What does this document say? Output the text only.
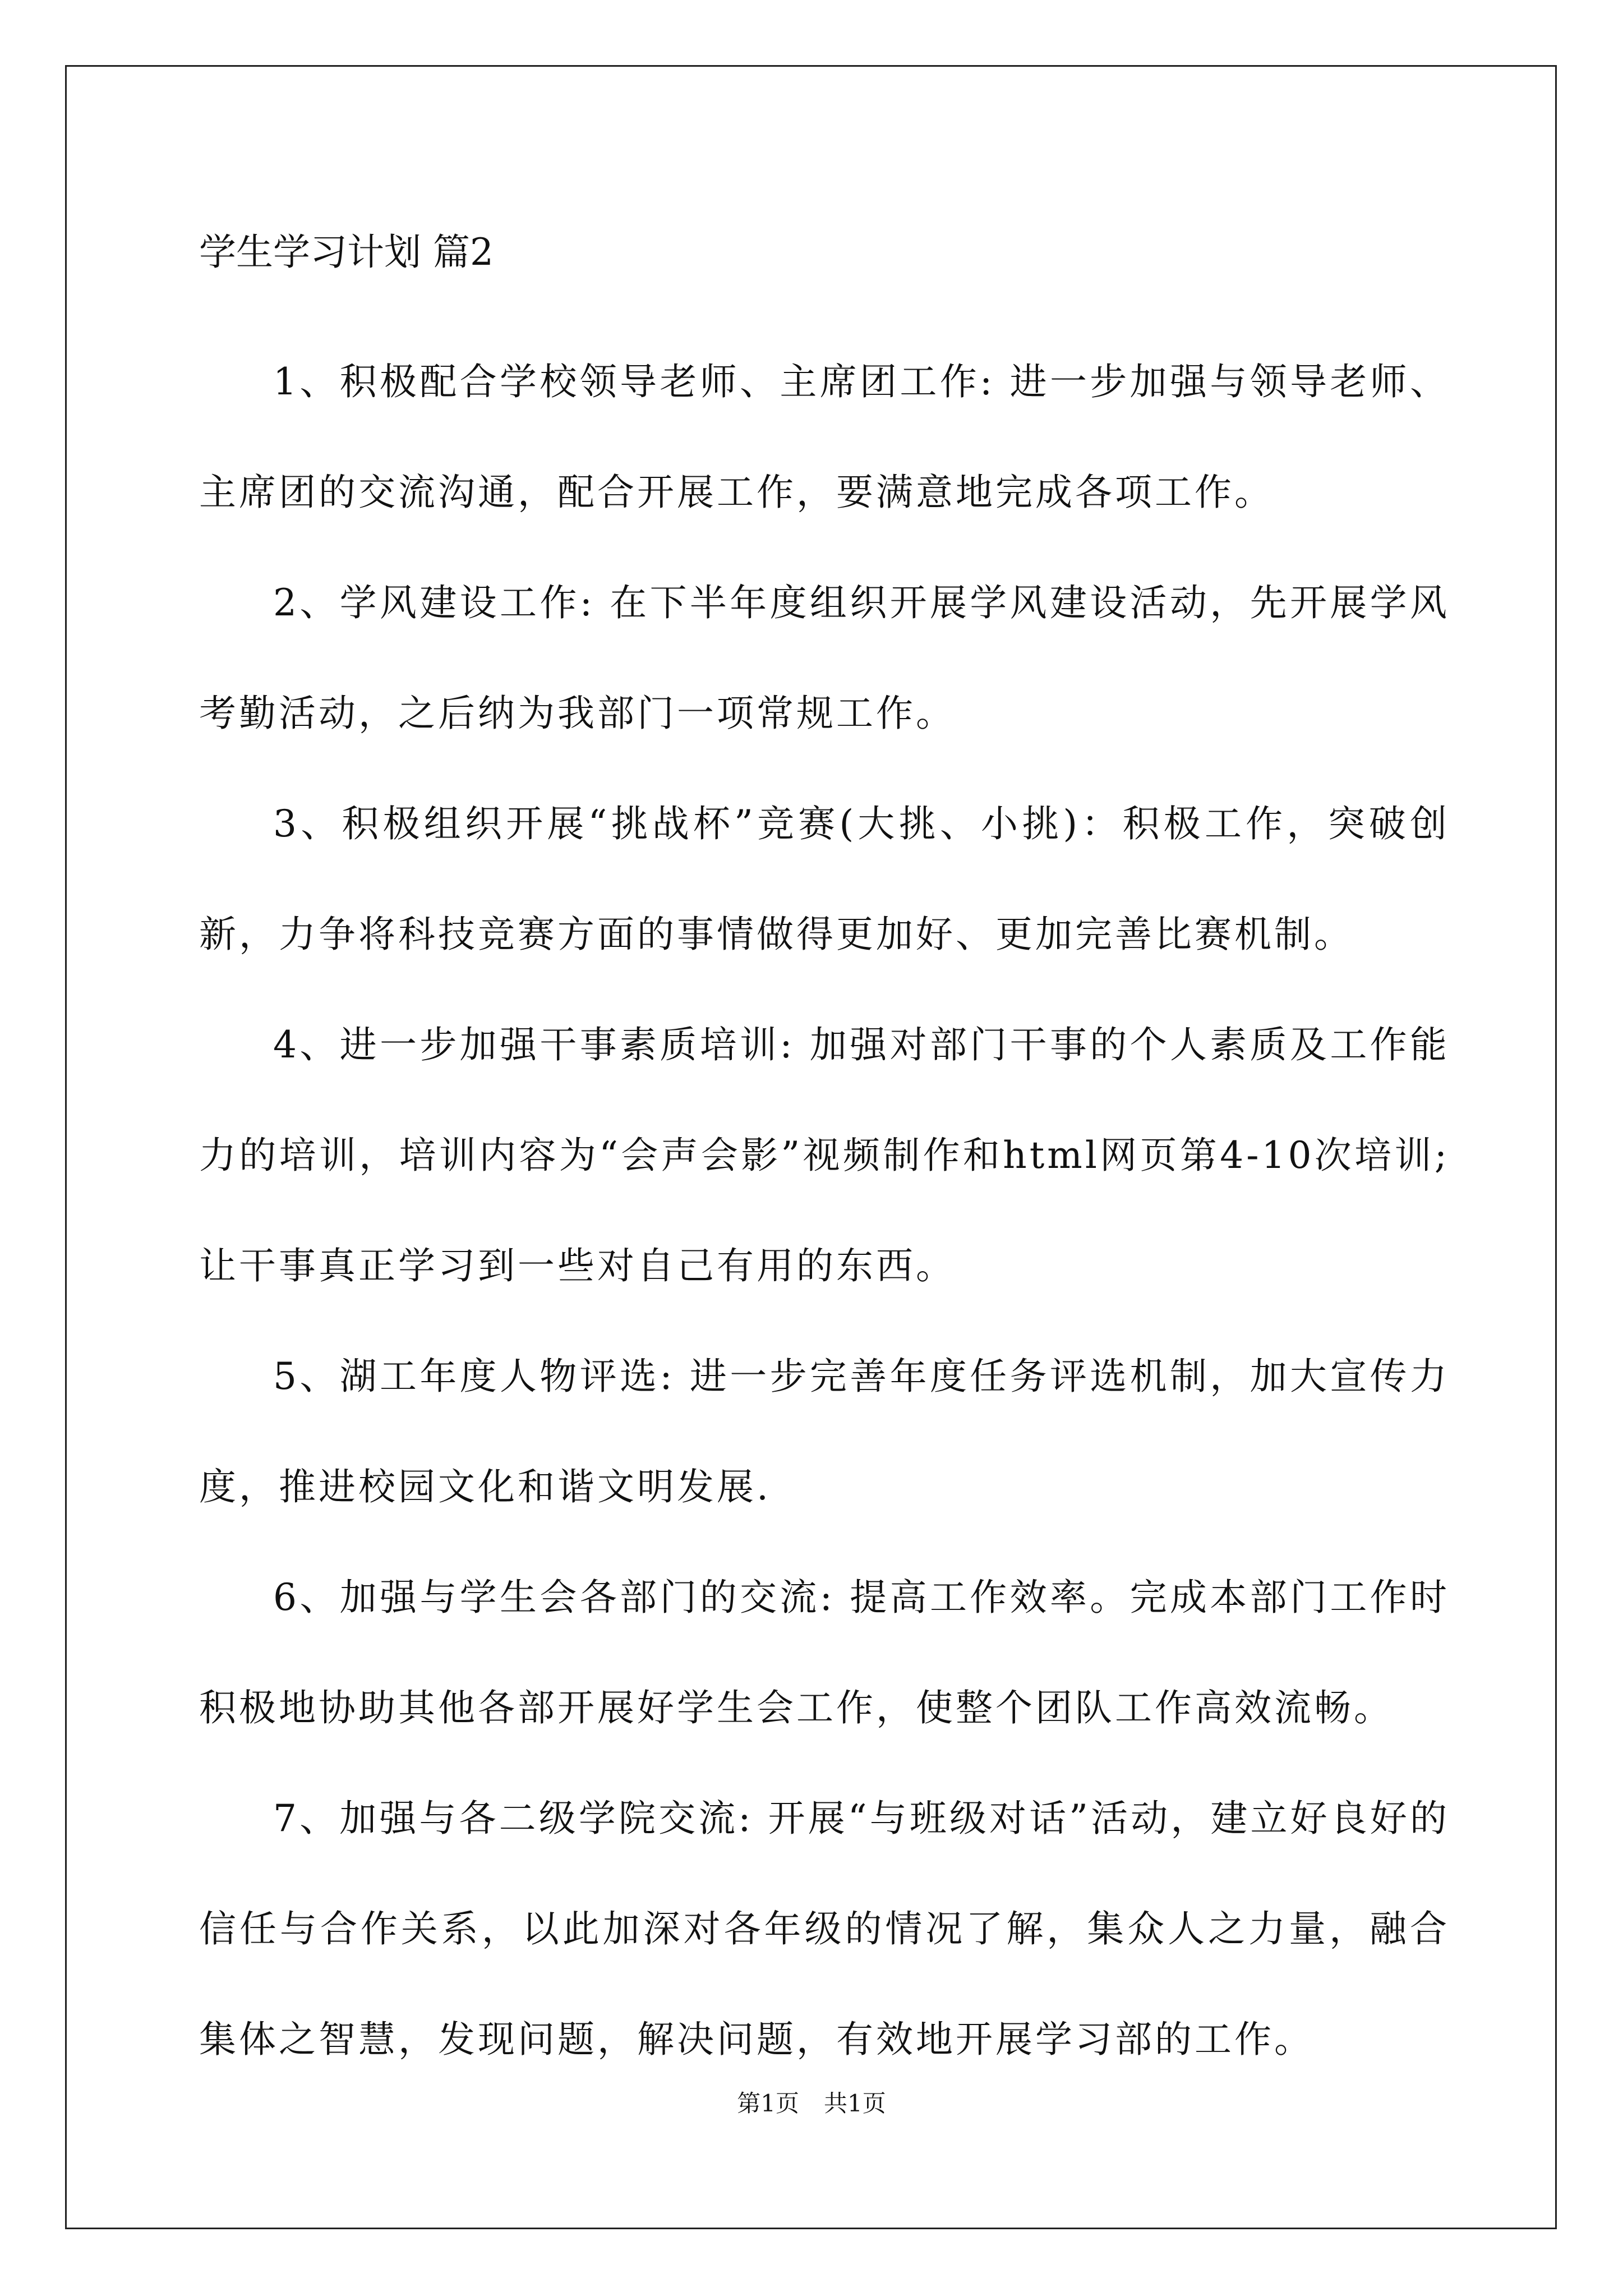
学生学习计划 篇2

1、积极配合学校领导老师、主席团工作: 进一步加强与领导老师、主席团的交流沟通，配合开展工作，要满意地完成各项工作。

2、学风建设工作: 在下半年度组织开展学风建设活动，先开展学风考勤活动，之后纳为我部门一项常规工作。

3、积极组织开展“挑战杯”竞赛(大挑、小挑)：积极工作，突破创新，力争将科技竞赛方面的事情做得更加好、更加完善比赛机制。

4、进一步加强干事素质培训: 加强对部门干事的个人素质及工作能力的培训，培训内容为“会声会影”视频制作和html网页第4-10次培训;让干事真正学习到一些对自己有用的东西。

5、湖工年度人物评选: 进一步完善年度任务评选机制，加大宣传力度，推进校园文化和谐文明发展.

6、加强与学生会各部门的交流: 提高工作效率。完成本部门工作时积极地协助其他各部开展好学生会工作，使整个团队工作高效流畅。

7、加强与各二级学院交流: 开展“与班级对话”活动，建立好良好的信任与合作关系，以此加深对各年级的情况了解，集众人之力量，融合集体之智慧，发现问题，解决问题，有效地开展学习部的工作。

第1页 共1页
